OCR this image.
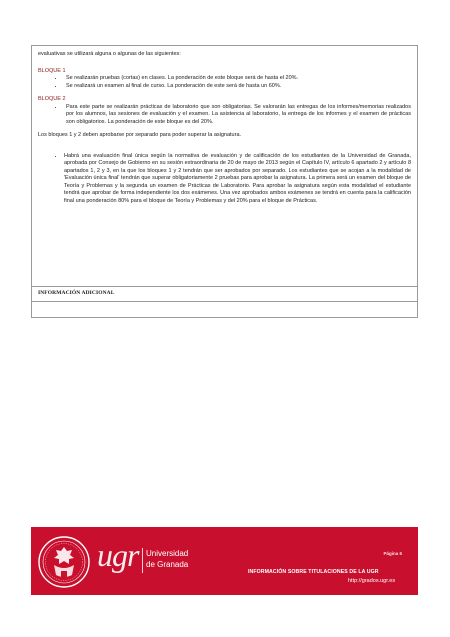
evaluativas se utilizará alguna o algunas de las siguientes:

BLOQUE 1

• Se realizarán pruebas (cortas) en clases. La ponderación de este bloque será de hasta el 20%.
• Se realizará un examen al final de curso. La ponderación de este será de hasta un 60%.

BLOQUE 2

• Para este parte se realizarán prácticas de laboratorio que son obligatorias. Se valorarán las entregas de los informes/memorias realizados por los alumnos, las sesiones de evaluación y el examen. La asistencia al laboratorio, la entrega de los informes y el examen de prácticas son obligatorios. La ponderación de este bloque es del 20%.

Los bloques 1 y 2 deben aprobarse por separado para poder superar la asignatura.

• Habrá una evaluación final única según la normativa de evaluación y de calificación de los estudiantes de la Universidad de Granada, aprobada por Consejo de Gobierno en su sesión extraordinaria de 20 de mayo de 2013 según el Capítulo IV, artículo 6 apartado 2 y artículo 8 apartados 1, 2 y 3, en la que los bloques 1 y 2 tendrán que ser aprobados por separado. Los estudiantes que se acojan a la modalidad de 'Evaluación única final' tendrán que superar obligatoriamente 2 pruebas para aprobar la asignatura. La primera será un examen del bloque de Teoría y Problemas y la segunda un examen de Prácticas de Laboratorio. Para aprobar la asignatura según esta modalidad el estudiante tendrá que aprobar de forma independiente los dos exámenes. Una vez aprobados ambos exámenes se tendrá en cuenta para la calificación final una ponderación 80% para el bloque de Teoría y Problemas y del 20% para el bloque de Prácticas.
INFORMACIÓN ADICIONAL
ugr Universidad
de Granada
Página 6
INFORMACIÓN SOBRE TITULACIONES DE LA UGR
http://grados.ugr.es
